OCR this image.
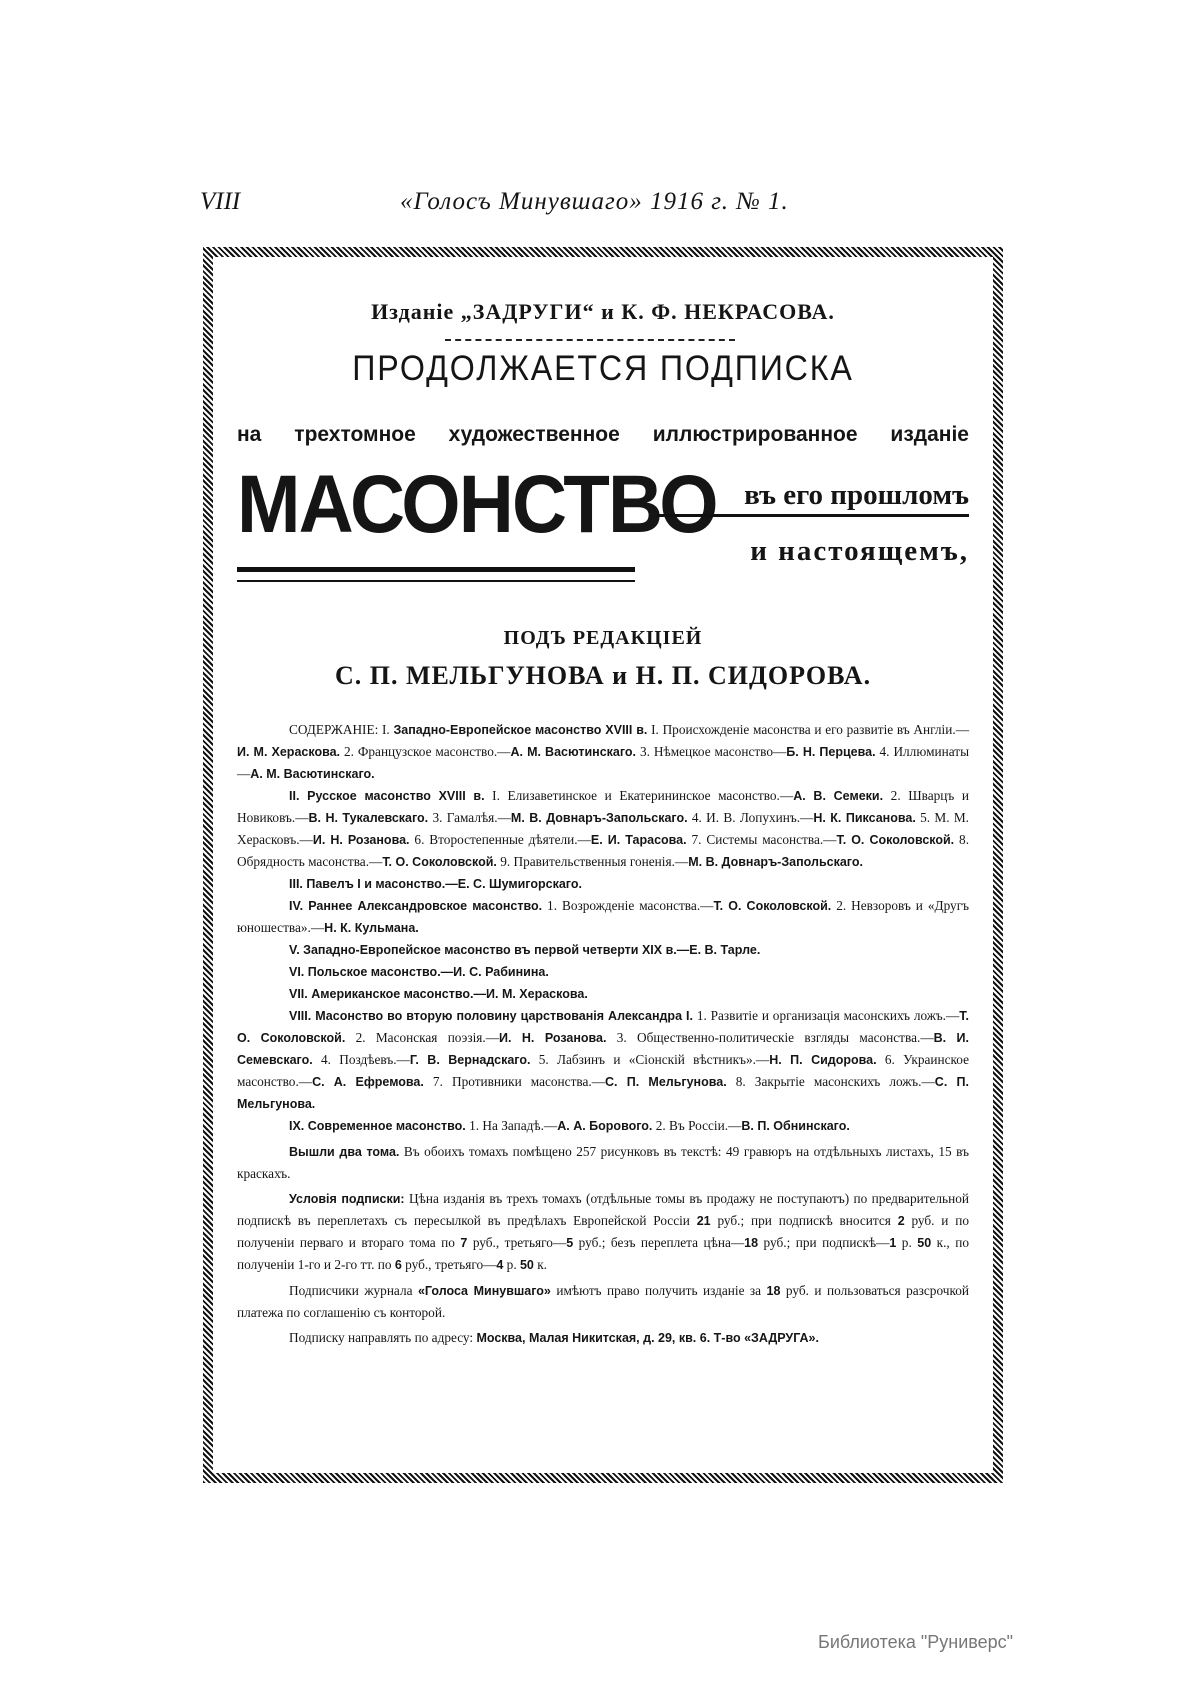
VIII	«Голосъ Минувшаго» 1916 г. № 1.
Изданіе „ЗАДРУГИ“ и К. Ф. НЕКРАСОВА.
ПРОДОЛЖАЕТСЯ ПОДПИСКА
на трехтомное художественное иллюстрированное изданіе
МАСОНСТВО въ его прошломъ
и настоящемъ,
ПОДЪ РЕДАКЦІЕЙ
С. П. МЕЛЬГУНОВА и Н. П. СИДОРОВА.

СОДЕРЖАНІЕ: I. Западно-Европейское масонство XVIII в. I. Происхожденіе масонства и его развитіе въ Англіи.—И. М. Хераскова. 2. Французское масонство.—А. М. Васютинскаго. 3. Нѣмецкое масонство—Б. Н. Перцева. 4. Иллюминаты—А. М. Васютинскаго.

II. Русское масонство XVIII в. I. Елизаветинское и Екатерининское масонство.—А. В. Семеки. 2. Шварцъ и Новиковъ.—В. Н. Тукалевскаго. 3. Гамалѣя.—М. В. Довнаръ-Запольскаго. 4. И. В. Лопухинъ.—Н. К. Пиксанова. 5. М. М. Херасковъ.—И. Н. Розанова. 6. Второстепенные дѣятели.—Е. И. Тарасова. 7. Системы масонства.—Т. О. Соколовской. 8. Обрядность масонства.—Т. О. Соколовской. 9. Правительственныя гоненія.—М. В. Довнаръ-Запольскаго.

III. Павелъ I и масонство.—Е. С. Шумигорскаго.

IV. Раннее Александровское масонство. 1. Возрожденіе масонства.—Т. О. Соколовской. 2. Невзоровъ и «Другъ юношества».—Н. К. Кульмана.

V. Западно-Европейское масонство въ первой четверти XIX в.—Е. В. Тарле.

VI. Польское масонство.—И. С. Рабинина.

VII. Американское масонство.—И. М. Хераскова.

VIII. Масонство во вторую половину царствованія Александра I. 1. Развитіе и организація масонскихъ ложъ.—Т. О. Соколовской. 2. Масонская поэзія.—И. Н. Розанова. 3. Общественно-политическіе взгляды масонства.—В. И. Семевскаго. 4. Поздѣевъ.—Г. В. Вернадскаго. 5. Лабзинъ и «Сіонскій вѣстникъ».—Н. П. Сидорова. 6. Украинское масонство.—С. А. Ефремова. 7. Противники масонства.—С. П. Мельгунова. 8. Закрытіе масонскихъ ложъ.—С. П. Мельгунова.

IX. Современное масонство. 1. На Западѣ.—А. А. Борового. 2. Въ Россіи.—В. П. Обнинскаго.

Вышли два тома. Въ обоихъ томахъ помѣщено 257 рисунковъ въ текстѣ: 49 гравюръ на отдѣльныхъ листахъ, 15 въ краскахъ.

Условія подписки: Цѣна изданія въ трехъ томахъ (отдѣльные томы въ продажу не поступаютъ) по предварительной подпискѣ въ переплетахъ съ пересылкой въ предѣлахъ Европейской Россіи 21 руб.; при подпискѣ вносится 2 руб. и по полученіи перваго и втораго тома по 7 руб., третьяго—5 руб.; безъ переплета цѣна—18 руб.; при подпискѣ—1 р. 50 к., по полученіи 1-го и 2-го тт. по 6 руб., третьяго—4 р. 50 к.

Подписчики журнала «Голоса Минувшаго» имѣютъ право получить изданіе за 18 руб. и пользоваться разсрочкой платежа по соглашенію съ конторой.

Подписку направлять по адресу: Москва, Малая Никитская, д. 29, кв. 6. Т-во «ЗАДРУГА».

Библиотека "Руниверс"
